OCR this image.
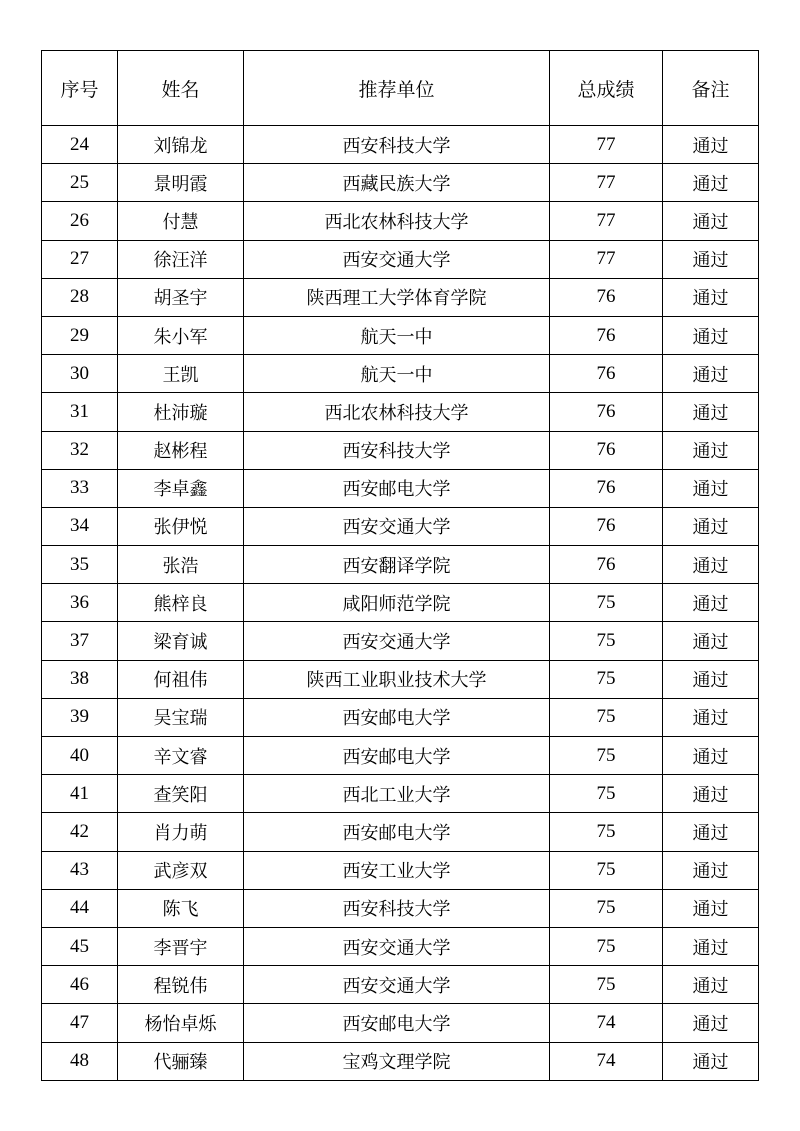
序号	姓名	推荐单位	总成绩	备注
24	刘锦龙	西安科技大学	77	通过
25	景明霞	西藏民族大学	77	通过
26	付慧	西北农林科技大学	77	通过
27	徐汪洋	西安交通大学	77	通过
28	胡圣宇	陕西理工大学体育学院	76	通过
29	朱小军	航天一中	76	通过
30	王凯	航天一中	76	通过
31	杜沛璇	西北农林科技大学	76	通过
32	赵彬程	西安科技大学	76	通过
33	李卓鑫	西安邮电大学	76	通过
34	张伊悦	西安交通大学	76	通过
35	张浩	西安翻译学院	76	通过
36	熊梓良	咸阳师范学院	75	通过
37	梁育诚	西安交通大学	75	通过
38	何祖伟	陕西工业职业技术大学	75	通过
39	吴宝瑞	西安邮电大学	75	通过
40	辛文睿	西安邮电大学	75	通过
41	查笑阳	西北工业大学	75	通过
42	肖力萌	西安邮电大学	75	通过
43	武彦双	西安工业大学	75	通过
44	陈飞	西安科技大学	75	通过
45	李晋宇	西安交通大学	75	通过
46	程锐伟	西安交通大学	75	通过
47	杨怡卓烁	西安邮电大学	74	通过
48	代骊臻	宝鸡文理学院	74	通过
